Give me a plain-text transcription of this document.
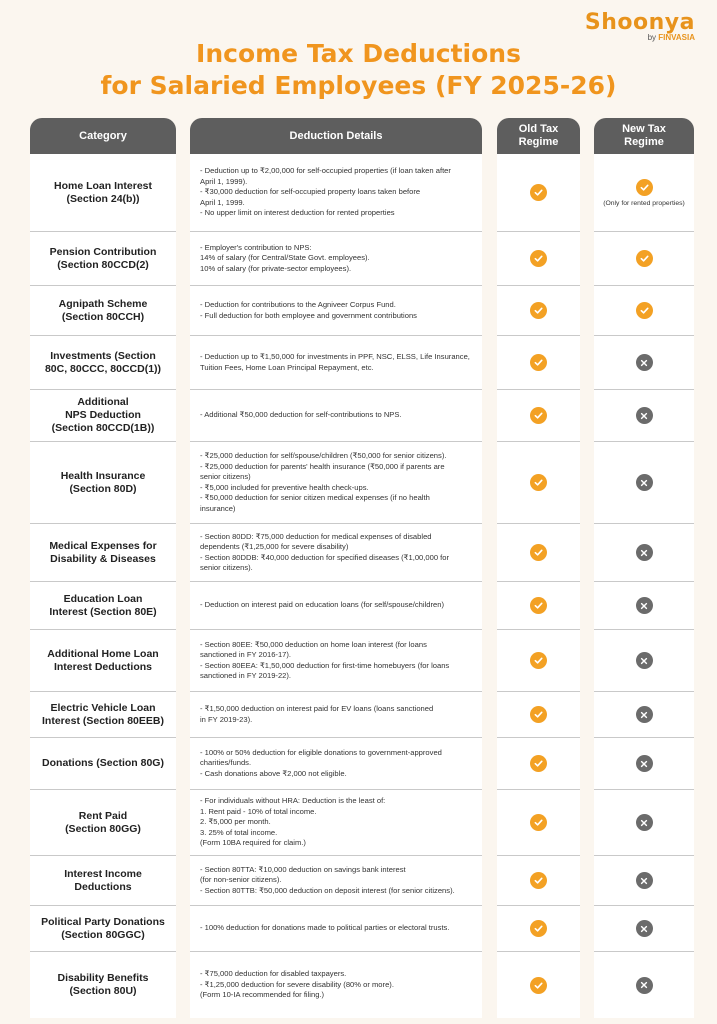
Shoonya
by FINVASIA
Income Tax Deductions
for Salaried Employees (FY 2025-26)
Category	Deduction Details
Old Tax
Regime
New Tax
Regime
Home Loan Interest
(Section 24(b))
- Deduction up to ₹2,00,000 for self-occupied properties (if loan taken after
April 1, 1999).
- ₹30,000 deduction for self-occupied property loans taken before
April 1, 1999.
- No upper limit on interest deduction for rented properties
(Only for rented properties)
Pension Contribution
(Section 80CCD(2)
- Employer's contribution to NPS:
14% of salary (for Central/State Govt. employees).
10% of salary (for private-sector employees).
Agnipath Scheme
(Section 80CCH)
- Deduction for contributions to the Agniveer Corpus Fund.
- Full deduction for both employee and government contributions
Investments (Section
80C, 80CCC, 80CCD(1))
- Deduction up to ₹1,50,000 for investments in PPF, NSC, ELSS, Life Insurance,
Tuition Fees, Home Loan Principal Repayment, etc.
Additional
NPS Deduction
(Section 80CCD(1B))
- Additional ₹50,000 deduction for self-contributions to NPS.
Health Insurance
(Section 80D)
- ₹25,000 deduction for self/spouse/children (₹50,000 for senior citizens).
- ₹25,000 deduction for parents' health insurance (₹50,000 if parents are
senior citizens)
- ₹5,000 included for preventive health check-ups.
- ₹50,000 deduction for senior citizen medical expenses (if no health
insurance)
Medical Expenses for
Disability & Diseases
- Section 80DD: ₹75,000 deduction for medical expenses of disabled
dependents (₹1,25,000 for severe disability)
- Section 80DDB: ₹40,000 deduction for specified diseases (₹1,00,000 for
senior citizens).
Education Loan
Interest (Section 80E)
- Deduction on interest paid on education loans (for self/spouse/children)
Additional Home Loan
Interest Deductions
- Section 80EE: ₹50,000 deduction on home loan interest (for loans
sanctioned in FY 2016-17).
- Section 80EEA: ₹1,50,000 deduction for first-time homebuyers (for loans
sanctioned in FY 2019-22).
Electric Vehicle Loan
Interest (Section 80EEB)
- ₹1,50,000 deduction on interest paid for EV loans (loans sanctioned
in FY 2019-23).
Donations (Section 80G)
- 100% or 50% deduction for eligible donations to government-approved
charities/funds.
- Cash donations above ₹2,000 not eligible.
Rent Paid
(Section 80GG)
- For individuals without HRA: Deduction is the least of:
1. Rent paid - 10% of total income.
2. ₹5,000 per month.
3. 25% of total income.
(Form 10BA required for claim.)
Interest Income
Deductions
- Section 80TTA: ₹10,000 deduction on savings bank interest
(for non-senior citizens).
- Section 80TTB: ₹50,000 deduction on deposit interest (for senior citizens).
Political Party Donations
(Section 80GGC)
- 100% deduction for donations made to political parties or electoral trusts.
Disability Benefits
(Section 80U)
- ₹75,000 deduction for disabled taxpayers.
- ₹1,25,000 deduction for severe disability (80% or more).
(Form 10-IA recommended for filing.)
